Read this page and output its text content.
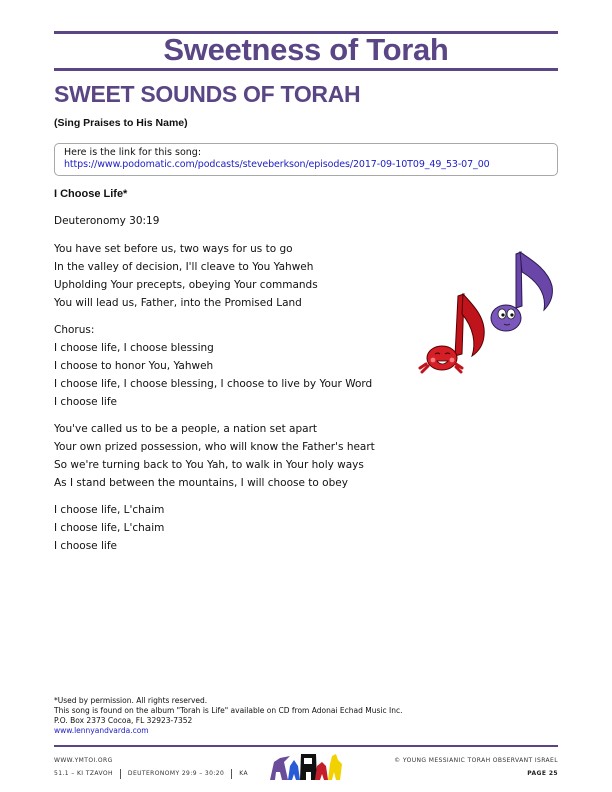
Sweetness of Torah
SWEET SOUNDS OF TORAH
(Sing Praises to His Name)
Here is the link for this song:
https://www.podomatic.com/podcasts/steveberkson/episodes/2017-09-10T09_49_53-07_00
I Choose Life*
Deuteronomy 30:19
You have set before us, two ways for us to go
In the valley of decision, I'll cleave to You Yahweh
Upholding Your precepts, obeying Your commands
You will lead us, Father, into the Promised Land
Chorus:
I choose life, I choose blessing
I choose to honor You, Yahweh
I choose life, I choose blessing, I choose to live by Your Word
I choose life
You've called us to be a people, a nation set apart
Your own prized possession, who will know the Father's heart
So we're turning back to You Yah, to walk in Your holy ways
As I stand between the mountains, I will choose to obey
I choose life, L'chaim
I choose life, L'chaim
I choose life
*Used by permission. All rights reserved.
This song is found on the album "Torah is Life" available on CD from Adonai Echad Music Inc.
P.O. Box 2373 Cocoa, FL 32923-7352
www.lennyandvarda.com
WWW.YMTOI.ORG
51.1 – KI TZAVOH	DEUTERONOMY 29:9 – 30:20	KA
© YOUNG MESSIANIC TORAH OBSERVANT ISRAEL
PAGE 25
